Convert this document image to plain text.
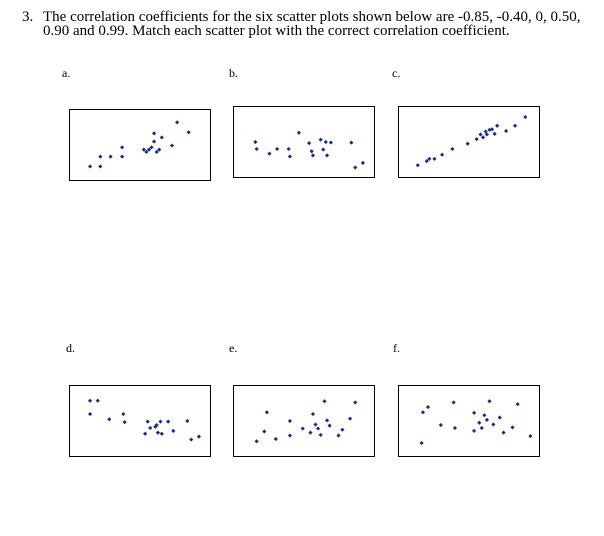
3. The correlation coefficients for the six scatter plots shown below are -0.85, -0.40, 0, 0.50, 0.90 and 0.99. Match each scatter plot with the correct correlation coefficient.
a.	b.	c.
d.	e.	f.
